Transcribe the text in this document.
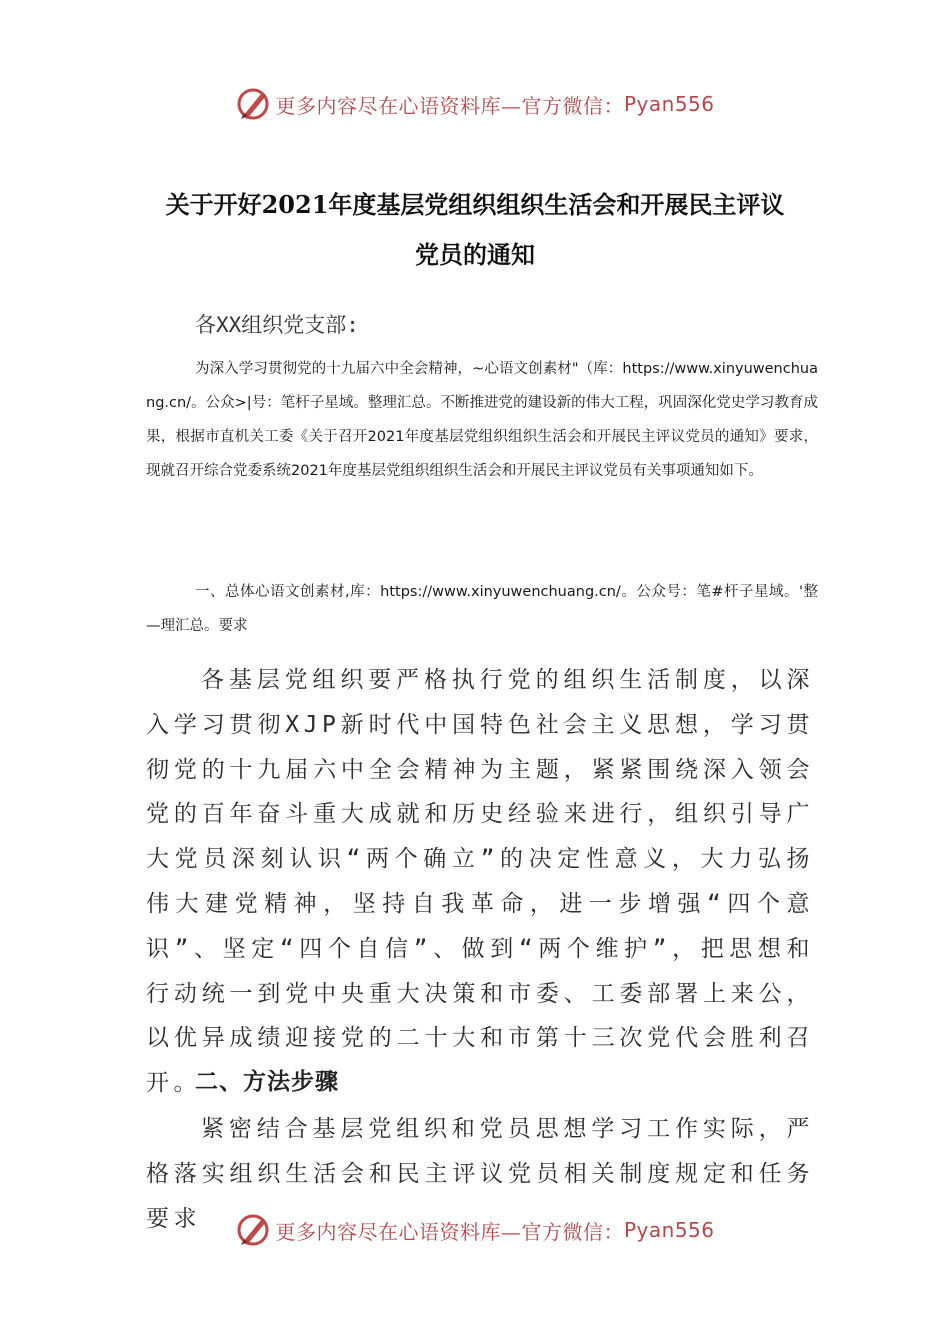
更多内容尽在心语资料库—官方微信： Pyan556
关于开好2021年度基层党组织组织生活会和开展民主评议
党员的通知
各XX组织党支部:
为深入学习贯彻党的十九届六中全会精神，~心语文创素材"（库：https://www.xinyuwenchuang.cn/。公众>|号：笔杆子星域。整理汇总。不断推进党的建设新的伟大工程，巩固深化党史学习教育成果，根据市直机关工委《关于召开2021年度基层党组织组织生活会和开展民主评议党员的通知》要求，现就召开综合党委系统2021年度基层党组织组织生活会和开展民主评议党员有关事项通知如下。
一、总体心语文创素材,库：https://www.xinyuwenchuang.cn/。公众号：笔#杆子星域。'整—理汇总。要求
各基层党组织要严格执行党的组织生活制度，以深入学习贯彻XJP新时代中国特色社会主义思想，学习贯彻党的十九届六中全会精神为主题，紧紧围绕深入领会党的百年奋斗重大成就和历史经验来进行，组织引导广大党员深刻认识“两个确立”的决定性意义，大力弘扬伟大建党精神，坚持自我革命，进一步增强“四个意识”、坚定“四个自信”、做到“两个维护”，把思想和行动统一到党中央重大决策和市委、工委部署上来公，以优异成绩迎接党的二十大和市第十三次党代会胜利召开。
二、方法步骤
紧密结合基层党组织和党员思想学习工作实际，严格落实组织生活会和民主评议党员相关制度规定和任务要求	更多内容尽在心语资料库—官方微信： Pyan556
